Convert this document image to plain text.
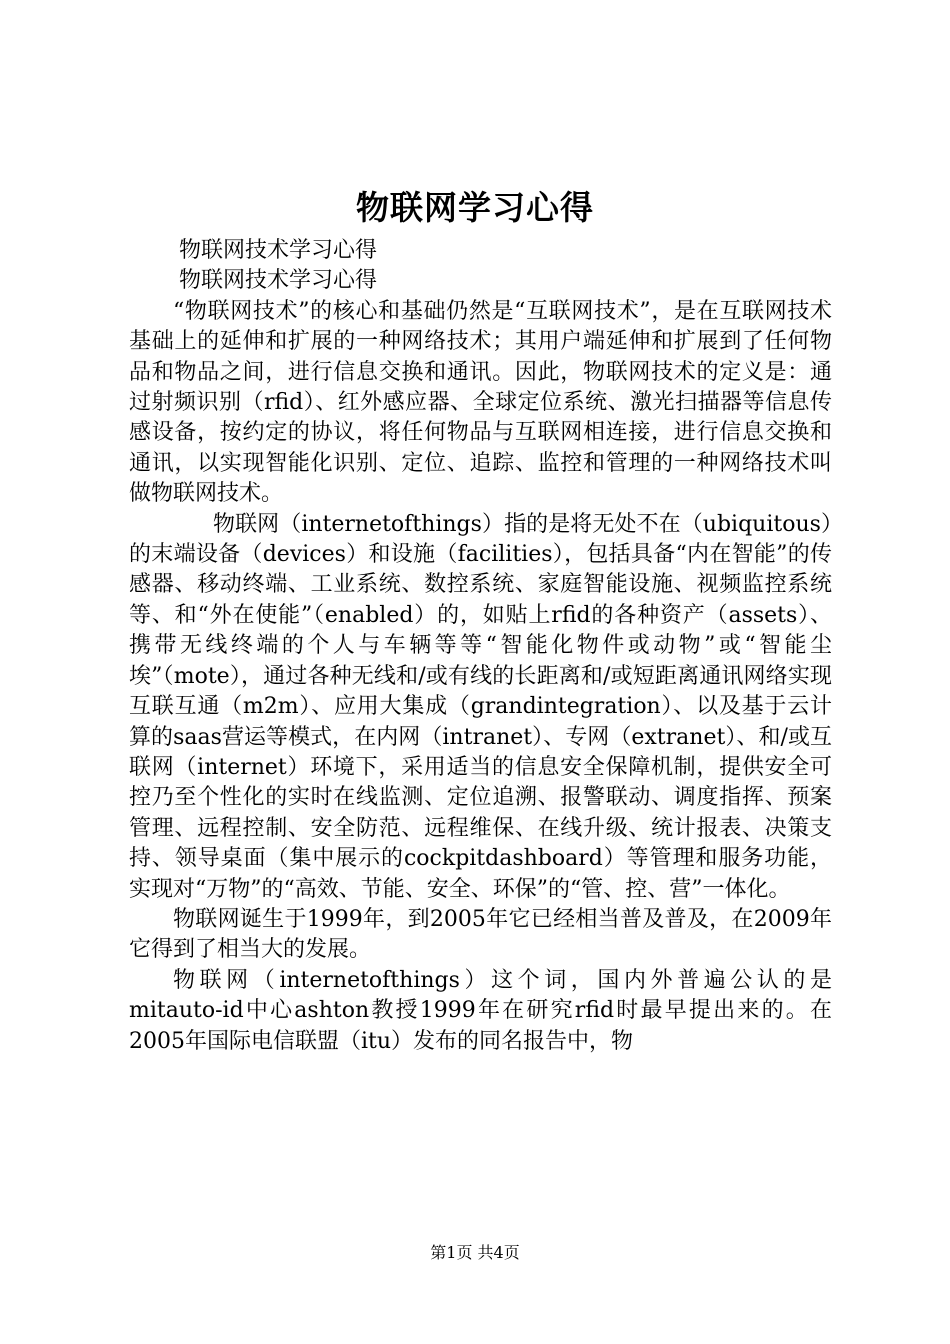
物联网学习心得

物联网技术学习心得

物联网技术学习心得

“物联网技术”的核心和基础仍然是“互联网技术”，是在互联网技术基础上的延伸和扩展的一种网络技术；其用户端延伸和扩展到了任何物品和物品之间，进行信息交换和通讯。因此，物联网技术的定义是：通过射频识别（rfid）、红外感应器、全球定位系统、激光扫描器等信息传感设备，按约定的协议，将任何物品与互联网相连接，进行信息交换和通讯，以实现智能化识别、定位、追踪、监控和管理的一种网络技术叫做物联网技术。

物联网（internetofthings）指的是将无处不在（ubiquitous）的末端设备（devices）和设施（facilities），包括具备“内在智能”的传感器、移动终端、工业系统、数控系统、家庭智能设施、视频监控系统等、和“外在使能”（enabled）的，如贴上rfid的各种资产（assets）、携带无线终端的个人与车辆等等“智能化物件或动物”或“智能尘埃”（mote），通过各种无线和/或有线的长距离和/或短距离通讯网络实现互联互通（m2m）、应用大集成（grandintegration）、以及基于云计算的saas营运等模式，在内网（intranet）、专网（extranet）、和/或互联网（internet）环境下，采用适当的信息安全保障机制，提供安全可控乃至个性化的实时在线监测、定位追溯、报警联动、调度指挥、预案管理、远程控制、安全防范、远程维保、在线升级、统计报表、决策支持、领导桌面（集中展示的cockpitdashboard）等管理和服务功能，实现对“万物”的“高效、节能、安全、环保”的“管、控、营”一体化。

物联网诞生于1999年，到2005年它已经相当普及普及，在2009年它得到了相当大的发展。

物联网（internetofthings）这个词，国内外普遍公认的是mitauto-id中心ashton教授1999年在研究rfid时最早提出来的。在2005年国际电信联盟（itu）发布的同名报告中，物

第1页 共4页
